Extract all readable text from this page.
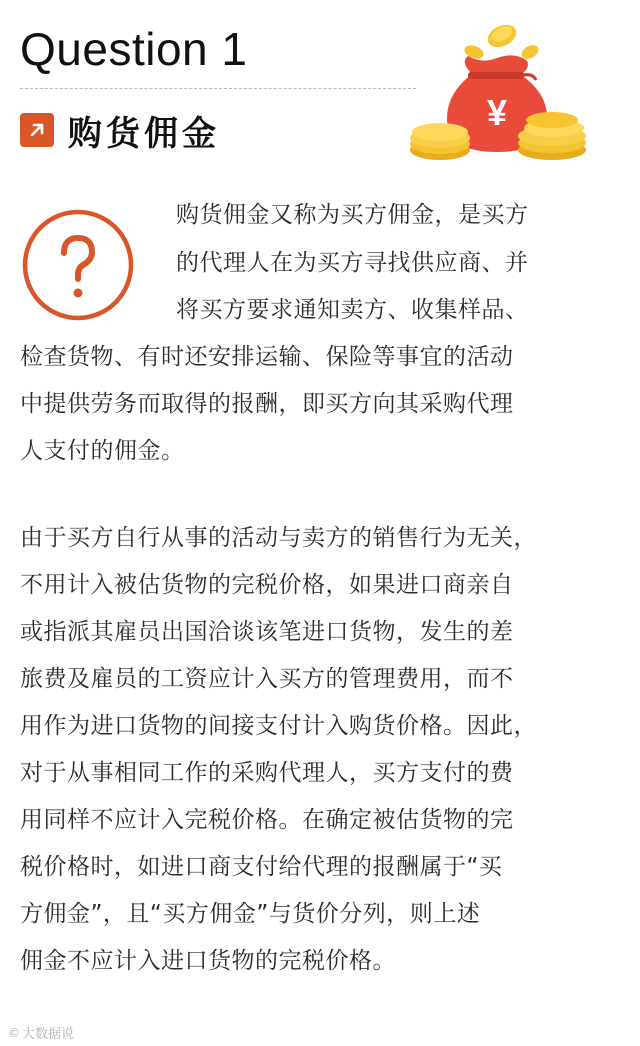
Question 1
购货佣金
¥

购货佣金又称为买方佣金，是买方

的代理人在为买方寻找供应商、并

将买方要求通知卖方、收集样品、

检查货物、有时还安排运输、保险等事宜的活动

中提供劳务而取得的报酬，即买方向其采购代理

人支付的佣金。

由于买方自行从事的活动与卖方的销售行为无关，

不用计入被估货物的完税价格，如果进口商亲自

或指派其雇员出国洽谈该笔进口货物，发生的差

旅费及雇员的工资应计入买方的管理费用，而不

用作为进口货物的间接支付计入购货价格。因此，

对于从事相同工作的采购代理人，买方支付的费

用同样不应计入完税价格。在确定被估货物的完

税价格时，如进口商支付给代理的报酬属于“买

方佣金”，且“买方佣金”与货价分列，则上述

佣金不应计入进口货物的完税价格。

© 大数据说
